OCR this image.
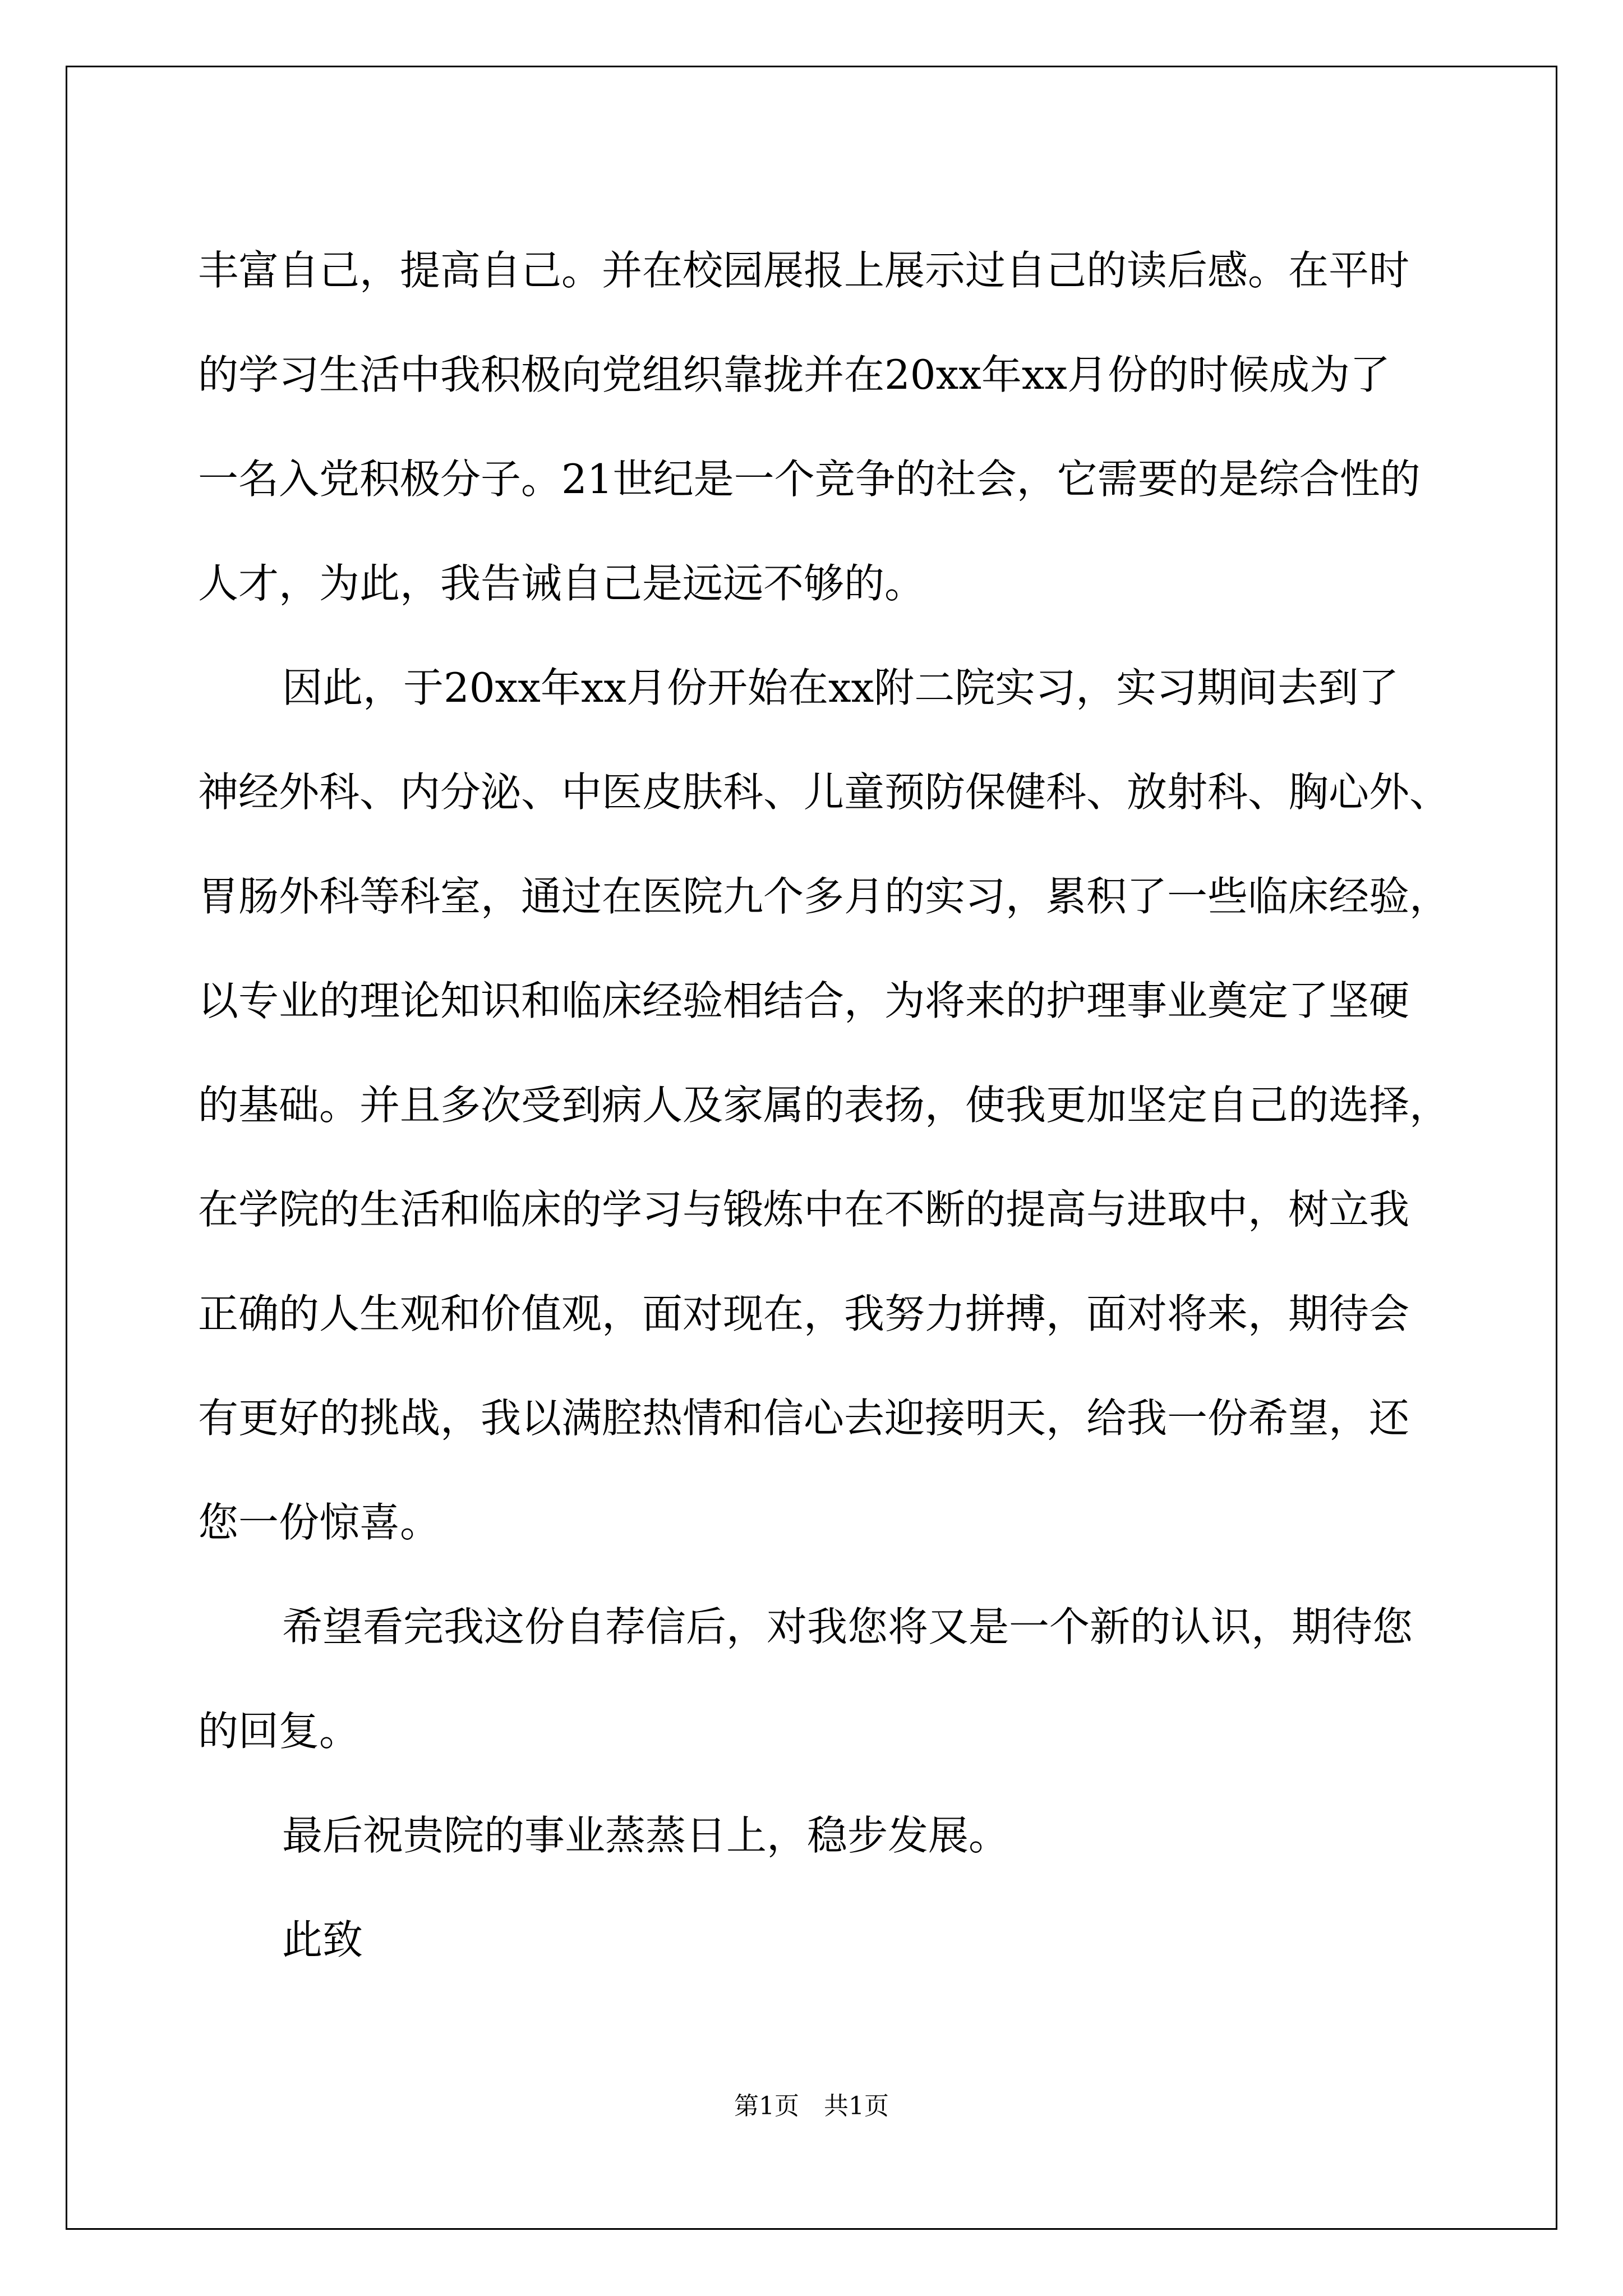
丰富自己，提高自己。并在校园展报上展示过自己的读后感。在平时

的学习生活中我积极向党组织靠拢并在20xx年xx月份的时候成为了

一名入党积极分子。21世纪是一个竞争的社会，它需要的是综合性的

人才，为此，我告诫自己是远远不够的。

因此，于20xx年xx月份开始在xx附二院实习，实习期间去到了

神经外科、内分泌、中医皮肤科、儿童预防保健科、放射科、胸心外、

胃肠外科等科室，通过在医院九个多月的实习，累积了一些临床经验，

以专业的理论知识和临床经验相结合，为将来的护理事业奠定了坚硬

的基础。并且多次受到病人及家属的表扬，使我更加坚定自己的选择，

在学院的生活和临床的学习与锻炼中在不断的提高与进取中，树立我

正确的人生观和价值观，面对现在，我努力拼搏，面对将来，期待会

有更好的挑战，我以满腔热情和信心去迎接明天，给我一份希望，还

您一份惊喜。

希望看完我这份自荐信后，对我您将又是一个新的认识，期待您

的回复。

最后祝贵院的事业蒸蒸日上，稳步发展。

此致

第1页　共1页
